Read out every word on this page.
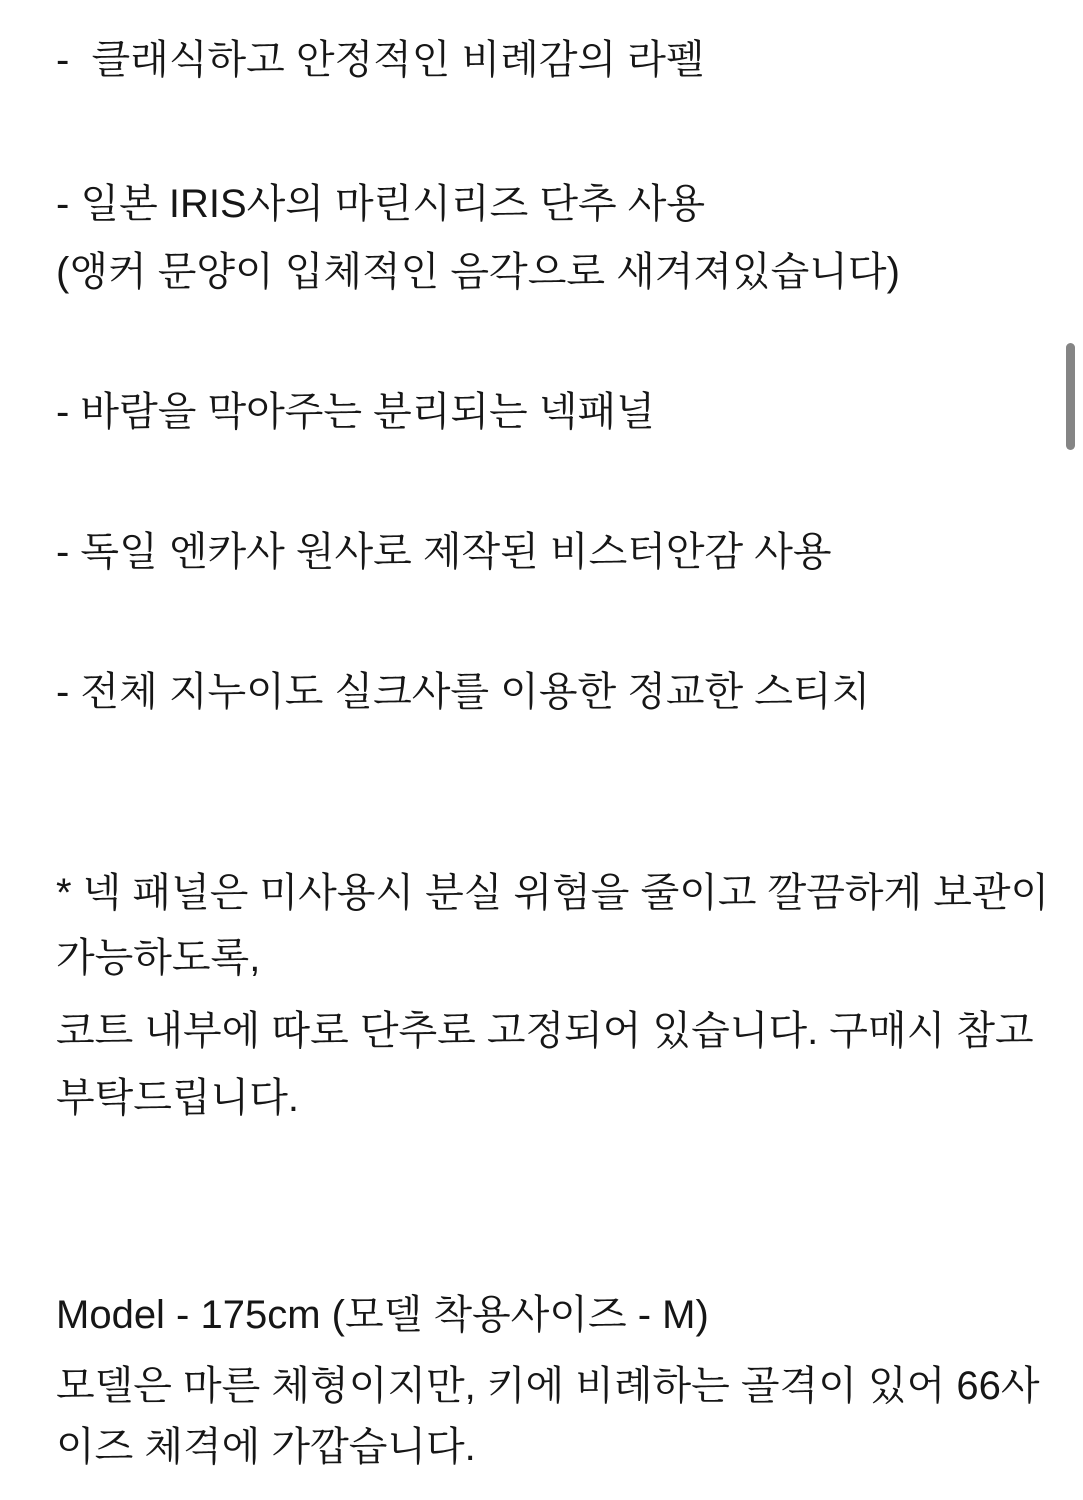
-  클래식하고 안정적인 비례감의 라펠
- 일본 IRIS사의 마린시리즈 단추 사용
(앵커 문양이 입체적인 음각으로 새겨져있습니다)
- 바람을 막아주는 분리되는 넥패널
- 독일 엔카사 원사로 제작된 비스터안감 사용
- 전체 지누이도 실크사를 이용한 정교한 스티치
* 넥 패널은 미사용시 분실 위험을 줄이고 깔끔하게 보관이
가능하도록,
코트 내부에 따로 단추로 고정되어 있습니다. 구매시 참고
부탁드립니다.
Model - 175cm (모델 착용사이즈 - M)
모델은 마른 체형이지만, 키에 비례하는 골격이 있어 66사
이즈 체격에 가깝습니다.
